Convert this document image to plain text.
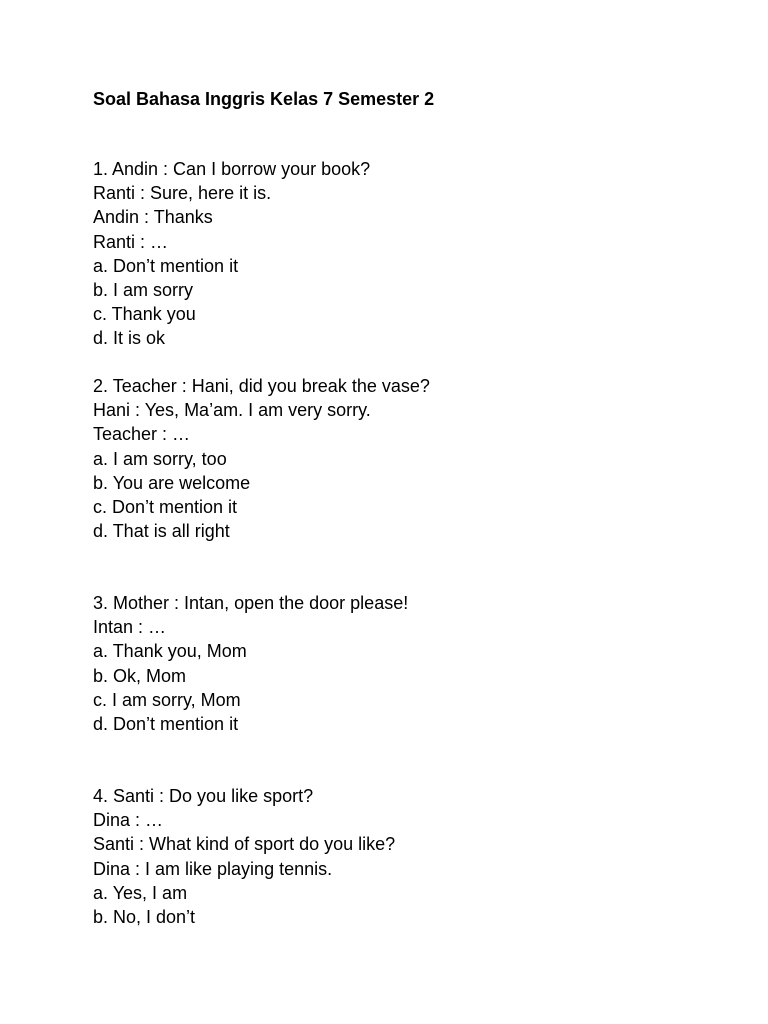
Soal Bahasa Inggris Kelas 7 Semester 2
1. Andin : Can I borrow your book?
Ranti : Sure, here it is.
Andin : Thanks
Ranti : …
a. Don’t mention it
b. I am sorry
c. Thank you
d. It is ok
2. Teacher : Hani, did you break the vase?
Hani : Yes, Ma’am. I am very sorry.
Teacher : …
a. I am sorry, too
b. You are welcome
c. Don’t mention it
d. That is all right
3. Mother : Intan, open the door please!
Intan : …
a. Thank you, Mom
b. Ok, Mom
c. I am sorry, Mom
d. Don’t mention it
4. Santi : Do you like sport?
Dina : …
Santi : What kind of sport do you like?
Dina : I am like playing tennis.
a. Yes, I am
b. No, I don’t
